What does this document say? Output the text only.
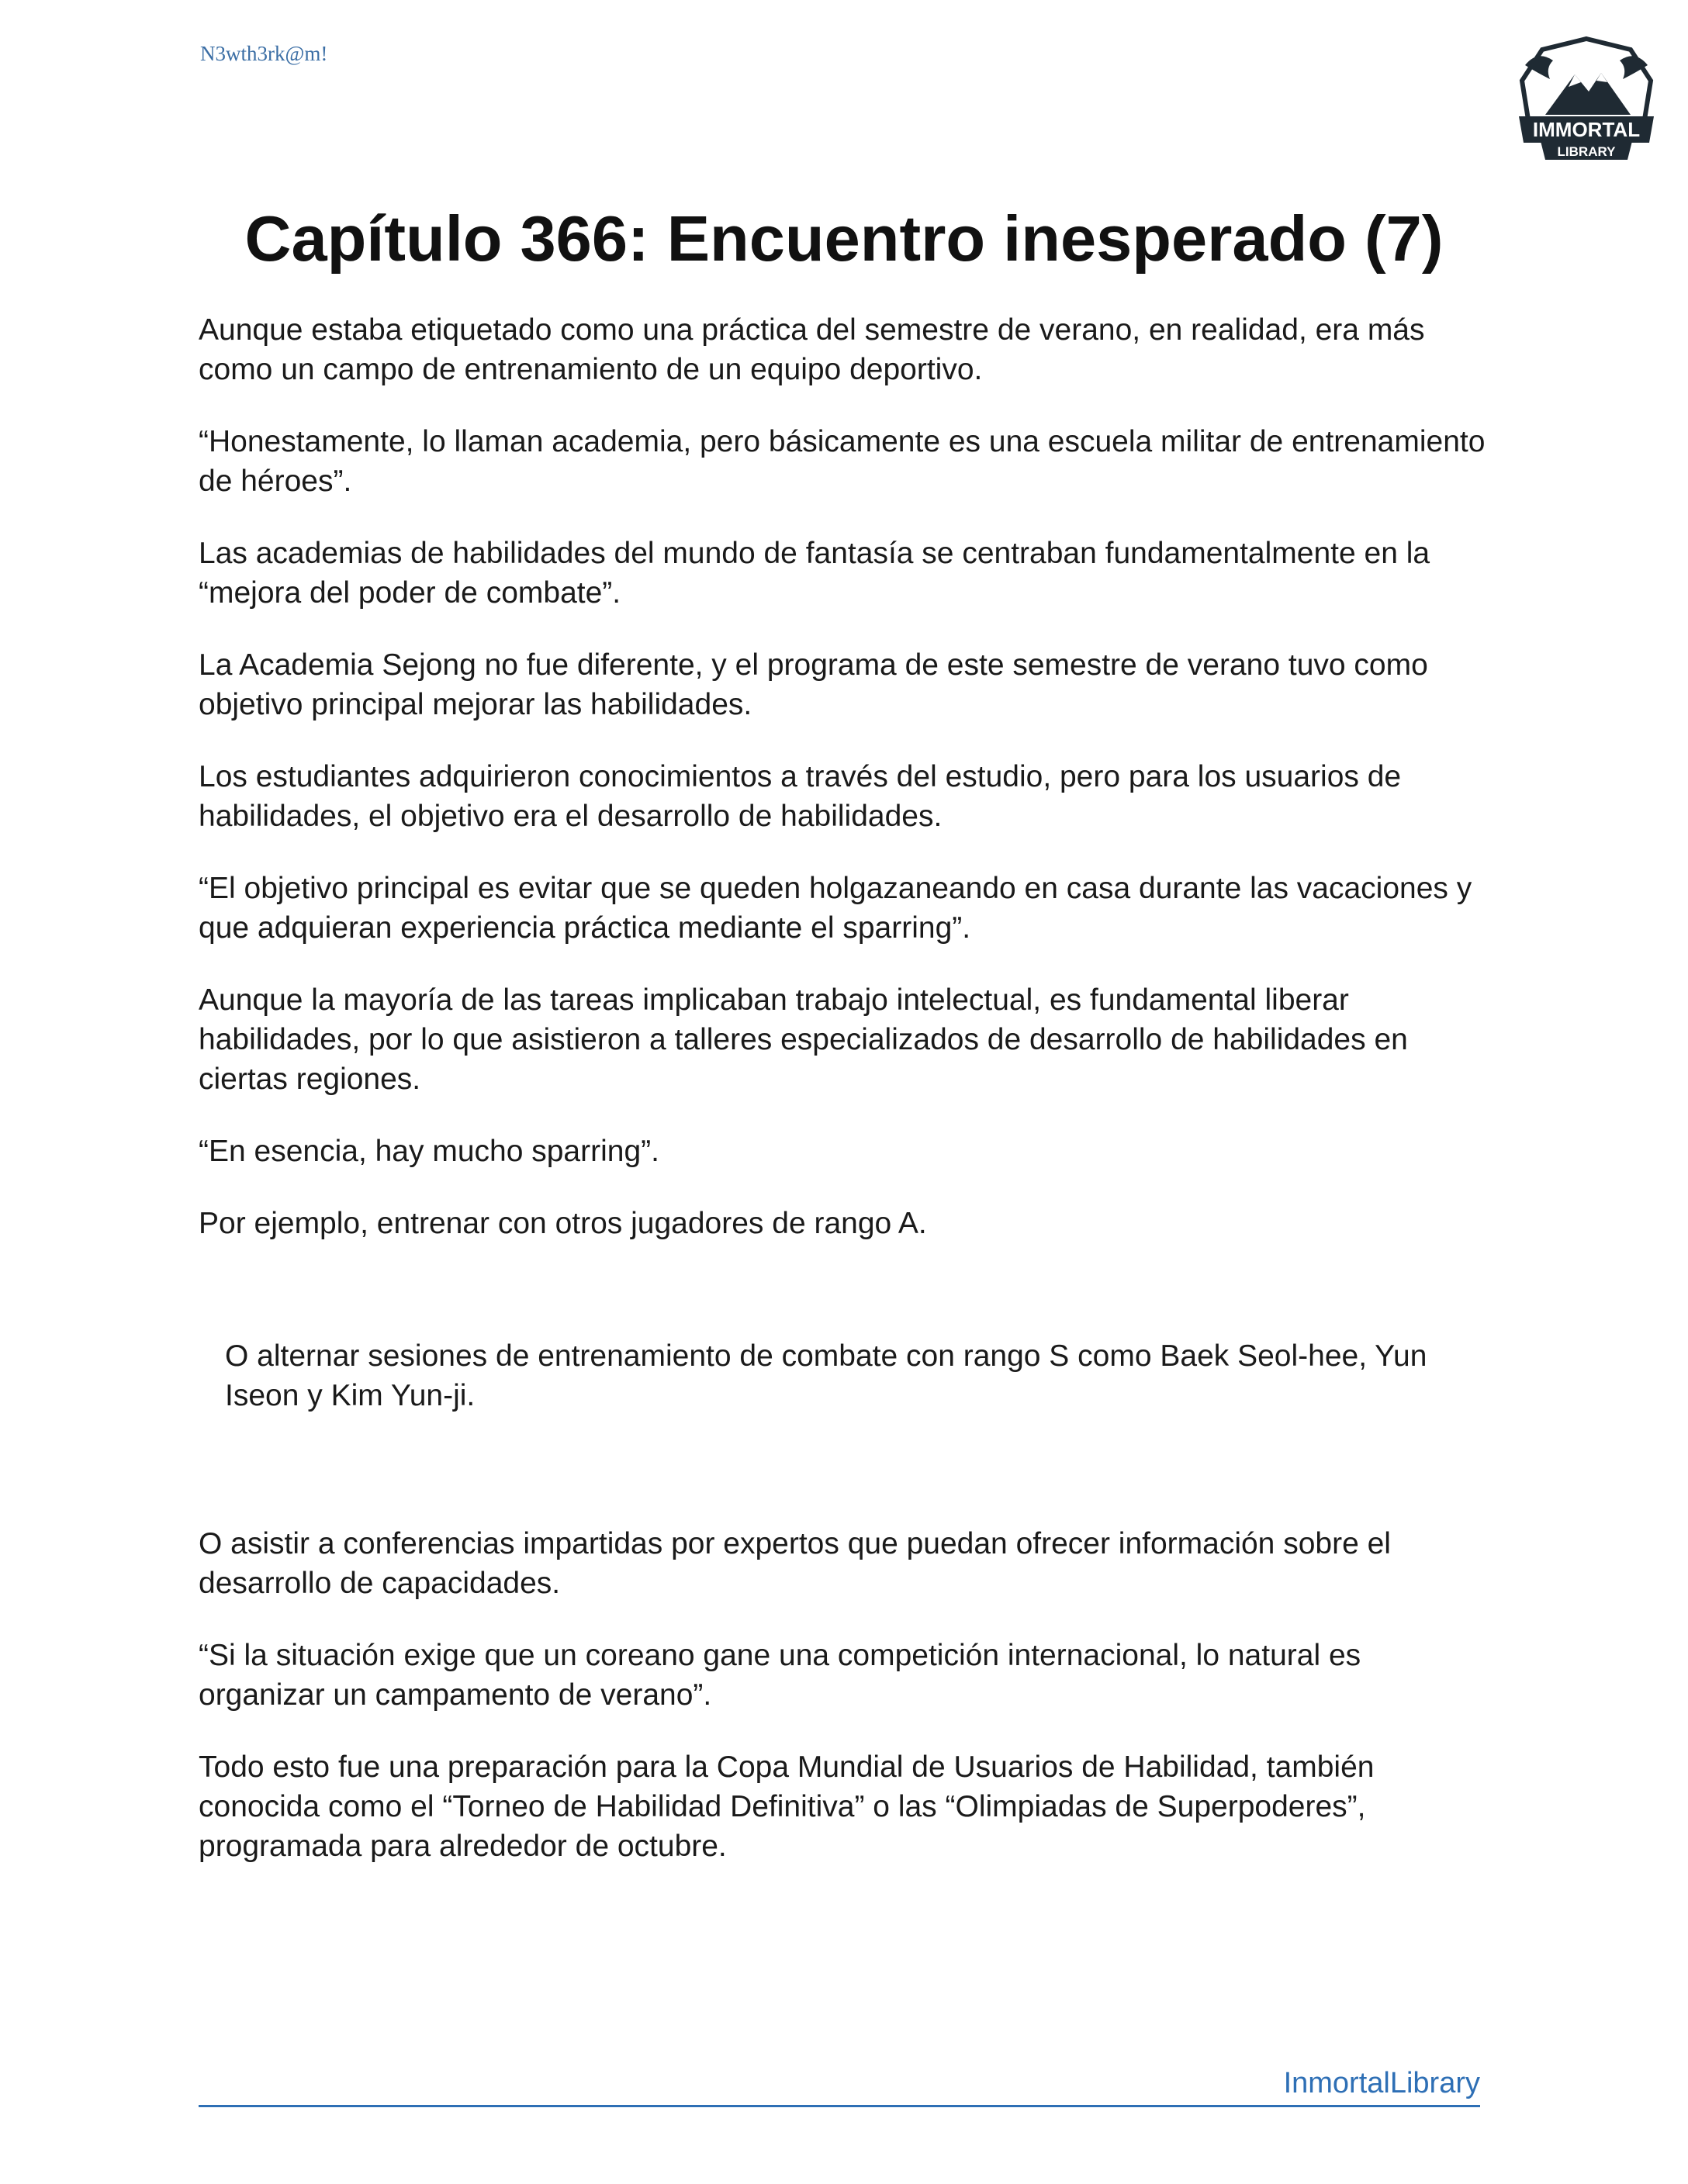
N3wth3rk@m!
IMMORTAL
LIBRARY
Capítulo 366: Encuentro inesperado (7)

Aunque estaba etiquetado como una práctica del semestre de verano, en realidad, era más como un campo de entrenamiento de un equipo deportivo.

“Honestamente, lo llaman academia, pero básicamente es una escuela militar de entrenamiento de héroes”.

Las academias de habilidades del mundo de fantasía se centraban fundamentalmente en la “mejora del poder de combate”.

La Academia Sejong no fue diferente, y el programa de este semestre de verano tuvo como objetivo principal mejorar las habilidades.

Los estudiantes adquirieron conocimientos a través del estudio, pero para los usuarios de habilidades, el objetivo era el desarrollo de habilidades.

“El objetivo principal es evitar que se queden holgazaneando en casa durante las vacaciones y que adquieran experiencia práctica mediante el sparring”.

Aunque la mayoría de las tareas implicaban trabajo intelectual, es fundamental liberar habilidades, por lo que asistieron a talleres especializados de desarrollo de habilidades en ciertas regiones.

“En esencia, hay mucho sparring”.

Por ejemplo, entrenar con otros jugadores de rango A.

O alternar sesiones de entrenamiento de combate con rango S como Baek Seol-hee, Yun Iseon y Kim Yun-ji.

O asistir a conferencias impartidas por expertos que puedan ofrecer información sobre el desarrollo de capacidades.

“Si la situación exige que un coreano gane una competición internacional, lo natural es organizar un campamento de verano”.

Todo esto fue una preparación para la Copa Mundial de Usuarios de Habilidad, también conocida como el “Torneo de Habilidad Definitiva” o las “Olimpiadas de Superpoderes”, programada para alrededor de octubre.

InmortalLibrary
